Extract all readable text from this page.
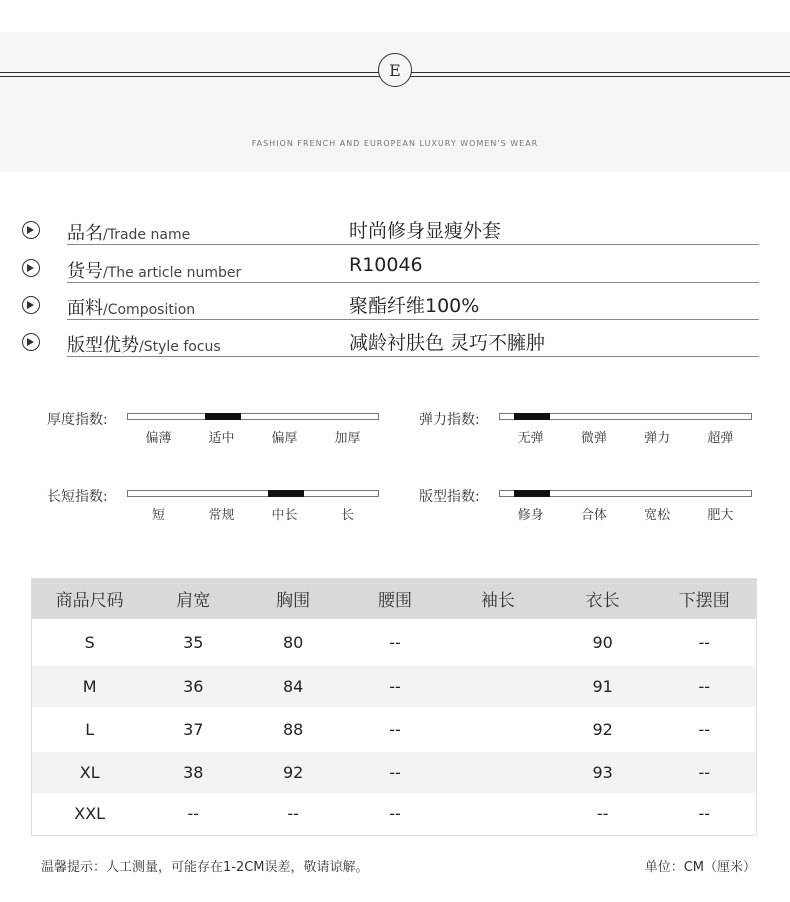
E
FASHION FRENCH AND EUROPEAN LUXURY WOMEN'S WEAR
品名/Trade name	时尚修身显瘦外套
货号/The article number	R10046
面料/Composition	聚酯纤维100%
版型优势/Style focus	减龄衬肤色 灵巧不臃肿
厚度指数:
偏薄	适中	偏厚	加厚
弹力指数:
无弹	微弹	弹力	超弹
长短指数:
短	常规	中长	长
版型指数:
修身	合体	宽松	肥大
商品尺码	肩宽	胸围	腰围	袖长	衣长	下摆围
S	35	80	--		90	--
M	36	84	--		91	--
L	37	88	--		92	--
XL	38	92	--		93	--
XXL	--	--	--		--	--
温馨提示：人工测量，可能存在1-2CM误差，敬请谅解。	单位：CM（厘米）
